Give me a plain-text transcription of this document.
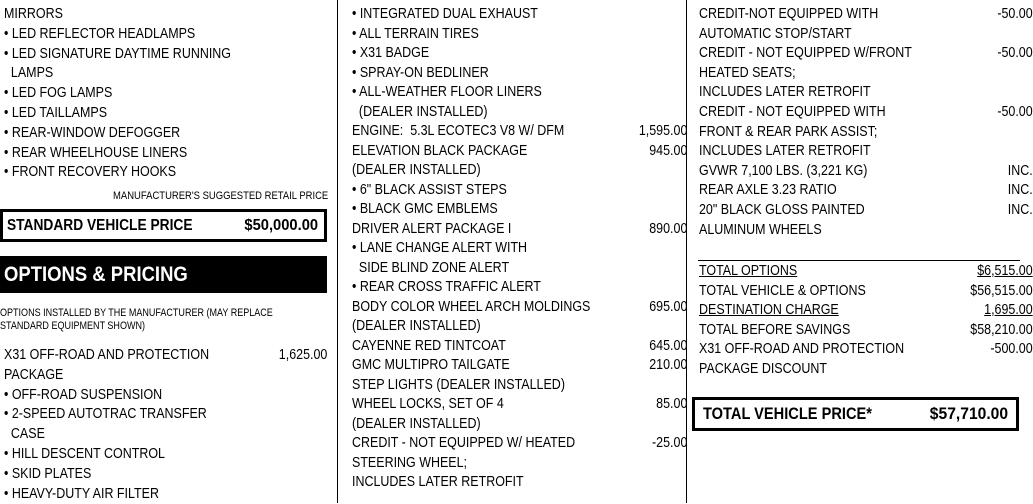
MIRRORS
• LED REFLECTOR HEADLAMPS
• LED SIGNATURE DAYTIME RUNNING
LAMPS
• LED FOG LAMPS
• LED TAILLAMPS
• REAR-WINDOW DEFOGGER
• REAR WHEELHOUSE LINERS
• FRONT RECOVERY HOOKS
MANUFACTURER'S SUGGESTED RETAIL PRICE
STANDARD VEHICLE PRICE	$50,000.00
OPTIONS & PRICING
OPTIONS INSTALLED BY THE MANUFACTURER (MAY REPLACE
STANDARD EQUIPMENT SHOWN)
X31 OFF-ROAD AND PROTECTION	1,625.00
PACKAGE
• OFF-ROAD SUSPENSION
• 2-SPEED AUTOTRAC TRANSFER
CASE
• HILL DESCENT CONTROL
• SKID PLATES
• HEAVY-DUTY AIR FILTER
• INTEGRATED DUAL EXHAUST
• ALL TERRAIN TIRES
• X31 BADGE
• SPRAY-ON BEDLINER
• ALL-WEATHER FLOOR LINERS
(DEALER INSTALLED)
ENGINE:  5.3L ECOTEC3 V8 W/ DFM	1,595.00
ELEVATION BLACK PACKAGE	945.00
(DEALER INSTALLED)
• 6" BLACK ASSIST STEPS
• BLACK GMC EMBLEMS
DRIVER ALERT PACKAGE I	890.00
• LANE CHANGE ALERT WITH
SIDE BLIND ZONE ALERT
• REAR CROSS TRAFFIC ALERT
BODY COLOR WHEEL ARCH MOLDINGS	695.00
(DEALER INSTALLED)
CAYENNE RED TINTCOAT	645.00
GMC MULTIPRO TAILGATE	210.00
STEP LIGHTS (DEALER INSTALLED)
WHEEL LOCKS, SET OF 4	85.00
(DEALER INSTALLED)
CREDIT - NOT EQUIPPED W/ HEATED	-25.00
STEERING WHEEL;
INCLUDES LATER RETROFIT
CREDIT-NOT EQUIPPED WITH	-50.00
AUTOMATIC STOP/START
CREDIT - NOT EQUIPPED W/FRONT	-50.00
HEATED SEATS;
INCLUDES LATER RETROFIT
CREDIT - NOT EQUIPPED WITH	-50.00
FRONT & REAR PARK ASSIST;
INCLUDES LATER RETROFIT
GVWR 7,100 LBS. (3,221 KG)	INC.
REAR AXLE 3.23 RATIO	INC.
20" BLACK GLOSS PAINTED	INC.
ALUMINUM WHEELS
TOTAL OPTIONS	$6,515.00
TOTAL VEHICLE & OPTIONS	$56,515.00
DESTINATION CHARGE	1,695.00
TOTAL BEFORE SAVINGS	$58,210.00
X31 OFF-ROAD AND PROTECTION	-500.00
PACKAGE DISCOUNT
TOTAL VEHICLE PRICE*	$57,710.00
